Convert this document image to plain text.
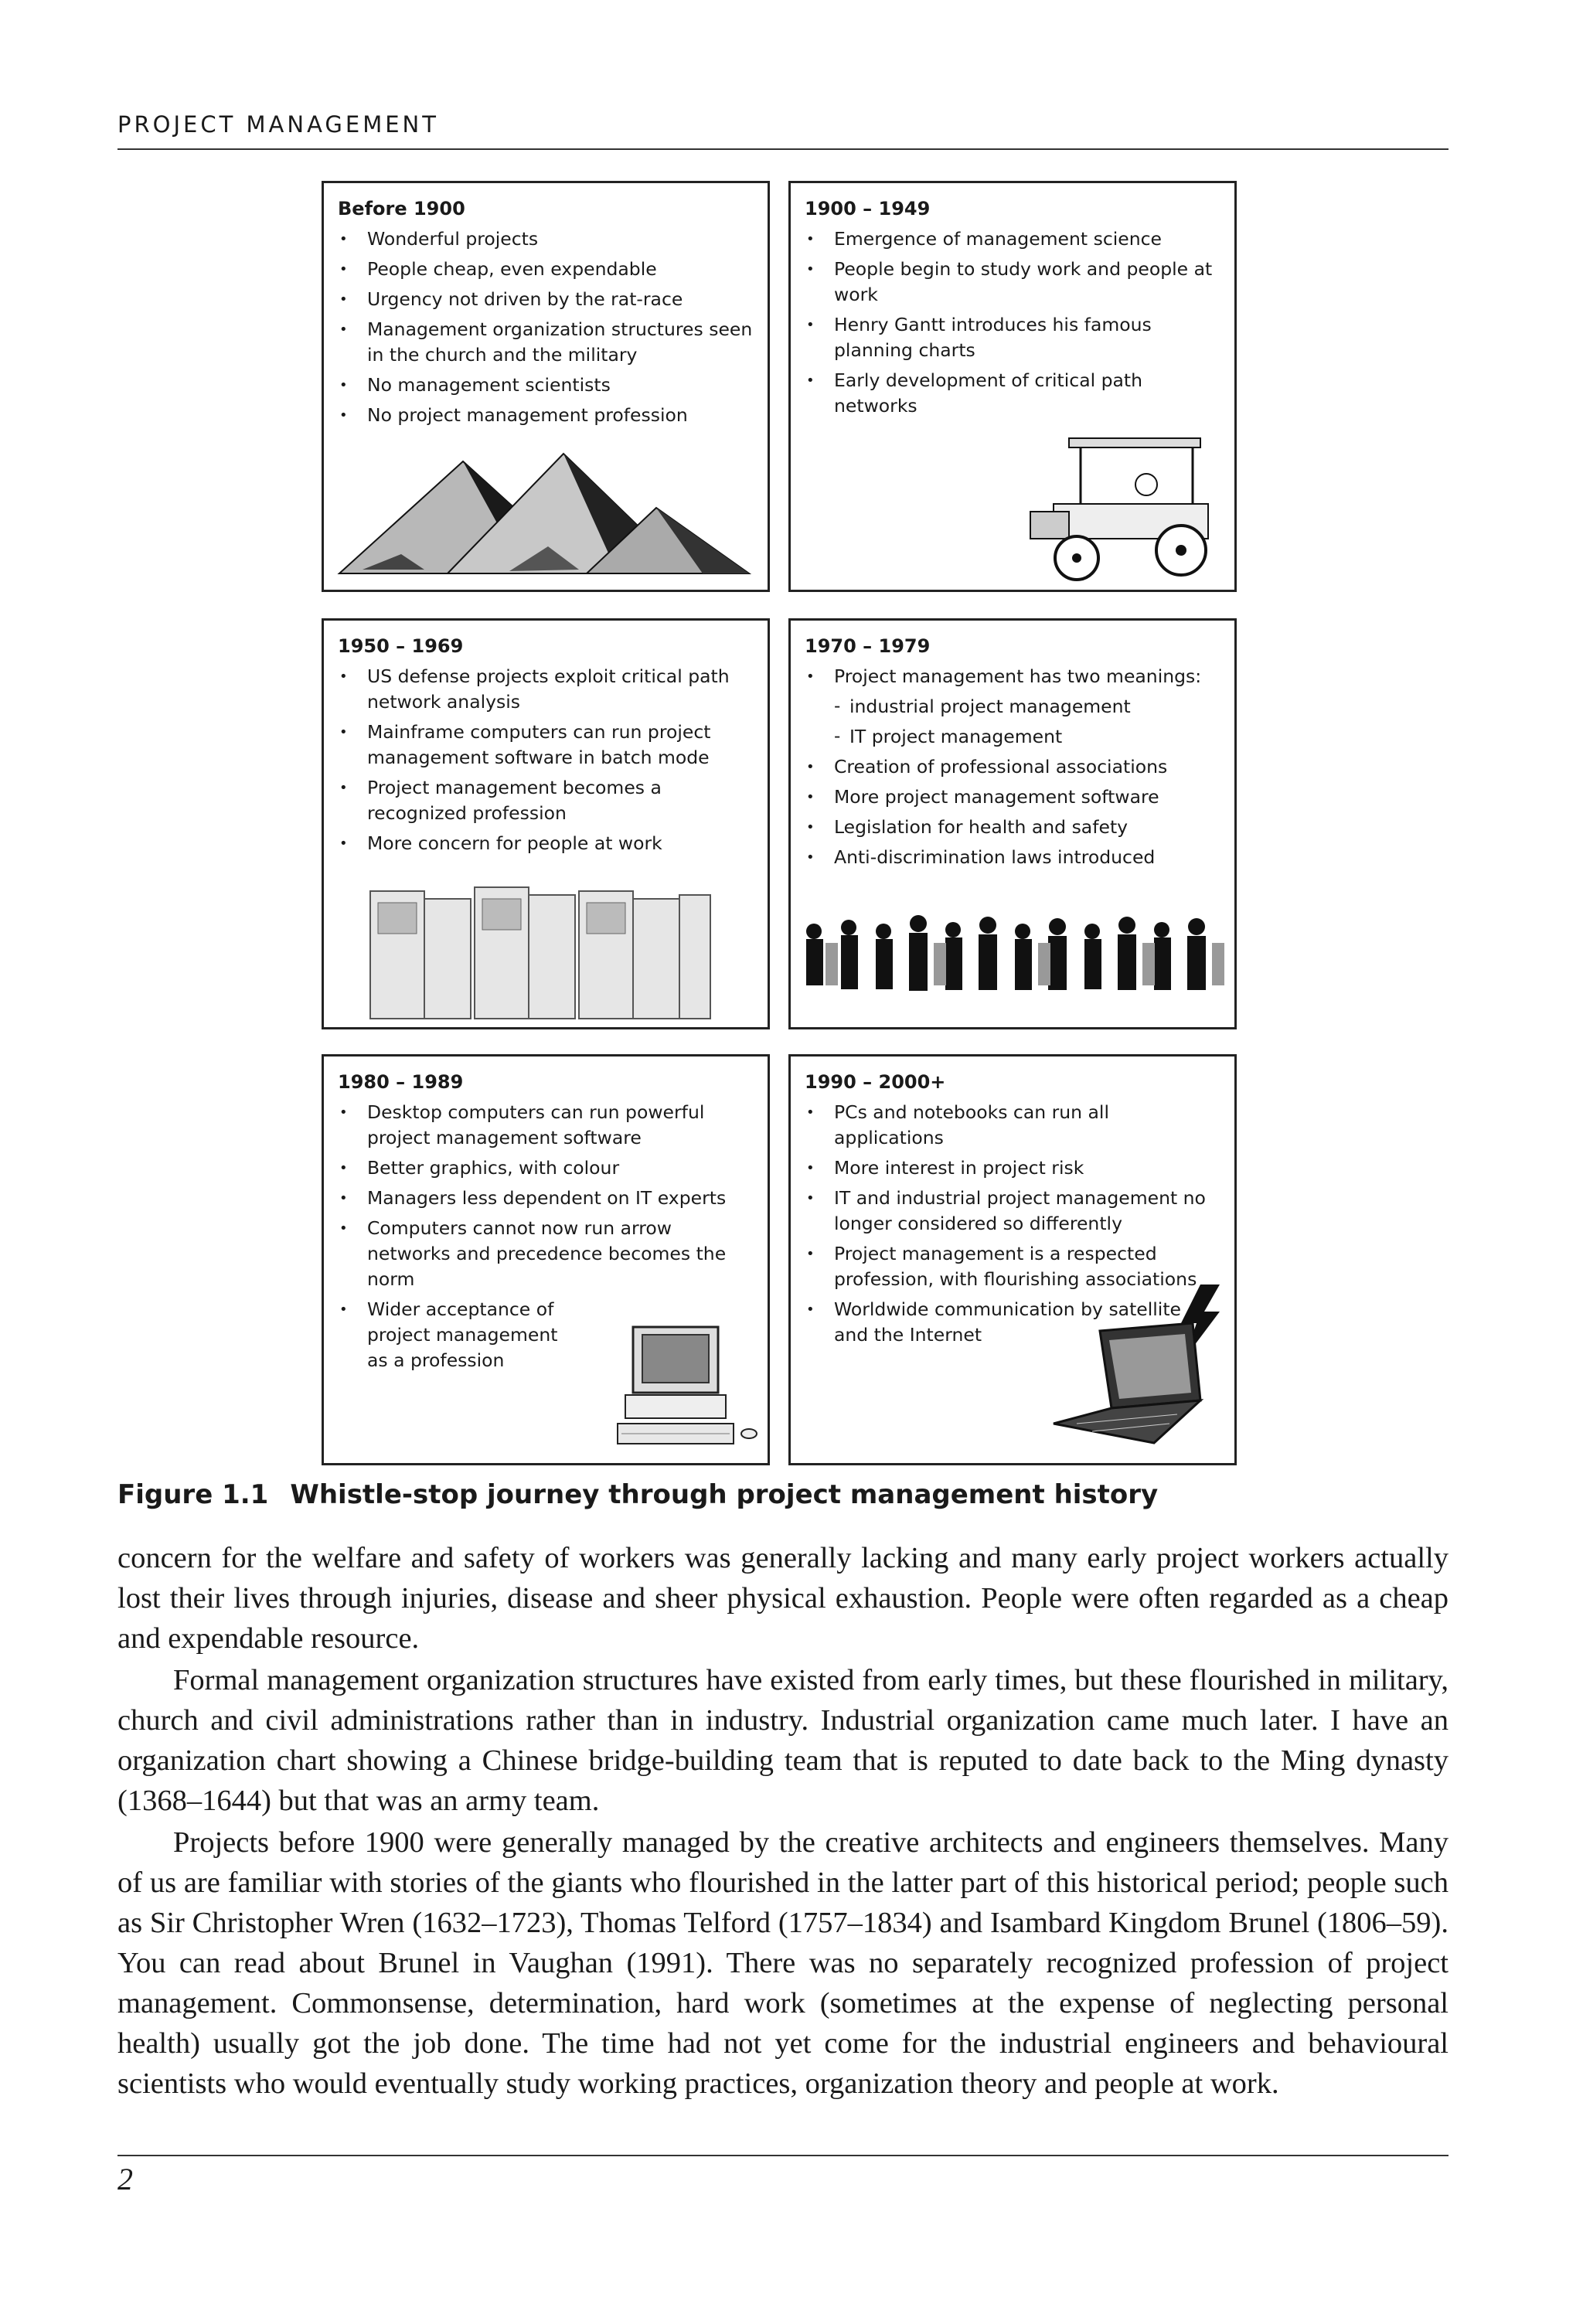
PROJECT MANAGEMENT
Before 1900
• Wonderful projects
• People cheap, even expendable
• Urgency not driven by the rat-race
• Management organization structures seen in the church and the military
• No management scientists
• No project management profession
1900 – 1949
• Emergence of management science
• People begin to study work and people at work
• Henry Gantt introduces his famous planning charts
• Early development of critical path networks
1950 – 1969
• US defense projects exploit critical path network analysis
• Mainframe computers can run project management software in batch mode
• Project management becomes a recognized profession
• More concern for people at work
1970 – 1979
• Project management has two meanings:
- industrial project management
- IT project management
• Creation of professional associations
• More project management software
• Legislation for health and safety
• Anti-discrimination laws introduced
1980 – 1989
• Desktop computers can run powerful project management software
• Better graphics, with colour
• Managers less dependent on IT experts
• Computers cannot now run arrow networks and precedence becomes the norm
• Wider acceptance of project management as a profession
1990 – 2000+
• PCs and notebooks can run all applications
• More interest in project risk
• IT and industrial project management no longer considered so differently
• Project management is a respected profession, with flourishing associations
• Worldwide communication by satellite and the Internet
Figure 1.1 Whistle-stop journey through project management history

concern for the welfare and safety of workers was generally lacking and many early project workers actually lost their lives through injuries, disease and sheer physical exhaustion. People were often regarded as a cheap and expendable resource.

Formal management organization structures have existed from early times, but these flourished in military, church and civil administrations rather than in industry. Industrial organization came much later. I have an organization chart showing a Chinese bridge-building team that is reputed to date back to the Ming dynasty (1368–1644) but that was an army team.

Projects before 1900 were generally managed by the creative architects and engineers themselves. Many of us are familiar with stories of the giants who flourished in the latter part of this historical period; people such as Sir Christopher Wren (1632–1723), Thomas Telford (1757–1834) and Isambard Kingdom Brunel (1806–59). You can read about Brunel in Vaughan (1991). There was no separately recognized profession of project management. Commonsense, determination, hard work (sometimes at the expense of neglecting personal health) usually got the job done. The time had not yet come for the industrial engineers and behavioural scientists who would eventually study working practices, organization theory and people at work.

2
